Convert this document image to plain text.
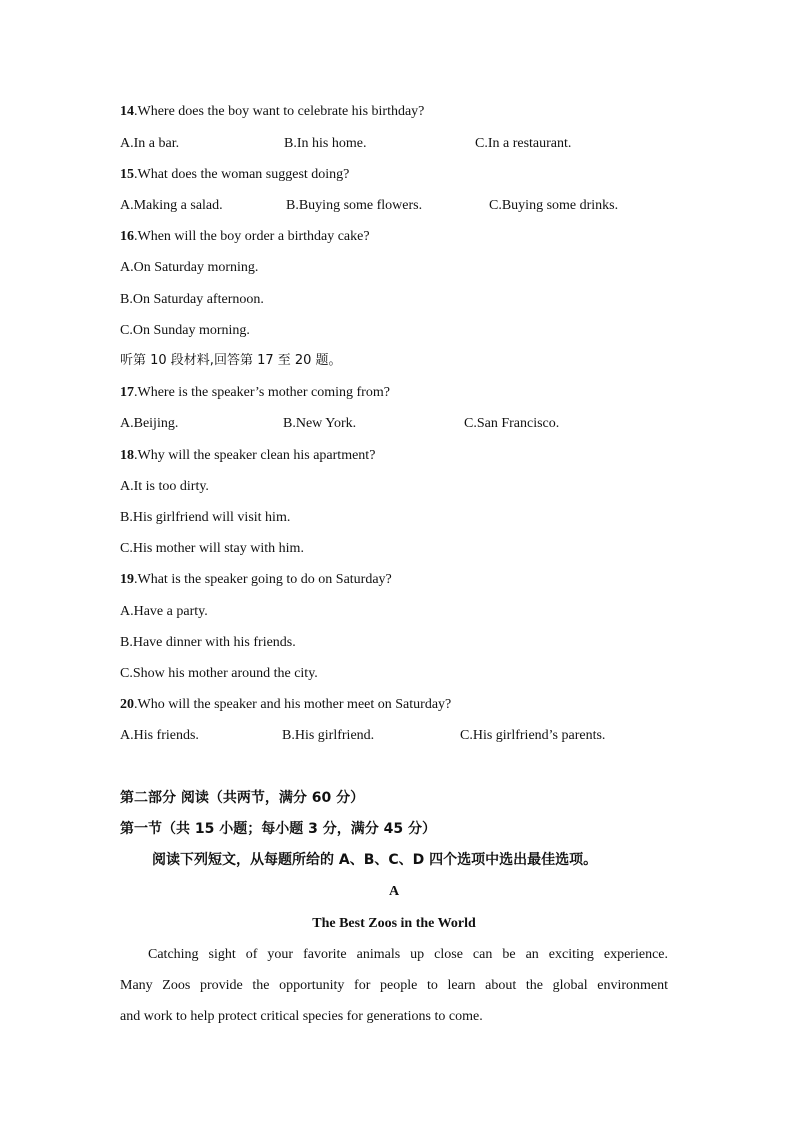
14.Where does the boy want to celebrate his birthday?
A.In a bar.	B.In his home.	C.In a restaurant.
15.What does the woman suggest doing?
A.Making a salad.	B.Buying some flowers.	C.Buying some drinks.
16.When will the boy order a birthday cake?
A.On Saturday morning.
B.On Saturday afternoon.
C.On Sunday morning.
听第 10 段材料,回答第 17 至 20 题。
17.Where is the speaker’s mother coming from?
A.Beijing.	B.New York.	C.San Francisco.
18.Why will the speaker clean his apartment?
A.It is too dirty.
B.His girlfriend will visit him.
C.His mother will stay with him.
19.What is the speaker going to do on Saturday?
A.Have a party.
B.Have dinner with his friends.
C.Show his mother around the city.
20.Who will the speaker and his mother meet on Saturday?
A.His friends.	B.His girlfriend.	C.His girlfriend’s parents.
第二部分 阅读（共两节，满分 60 分）
第一节（共 15 小题；每小题 3 分，满分 45 分）
阅读下列短文，从每题所给的 A、B、C、D 四个选项中选出最佳选项。
A
The Best Zoos in the World
Catching sight of your favorite animals up close can be an exciting experience.
Many Zoos provide the opportunity for people to learn about the global environment
and work to help protect critical species for generations to come.
